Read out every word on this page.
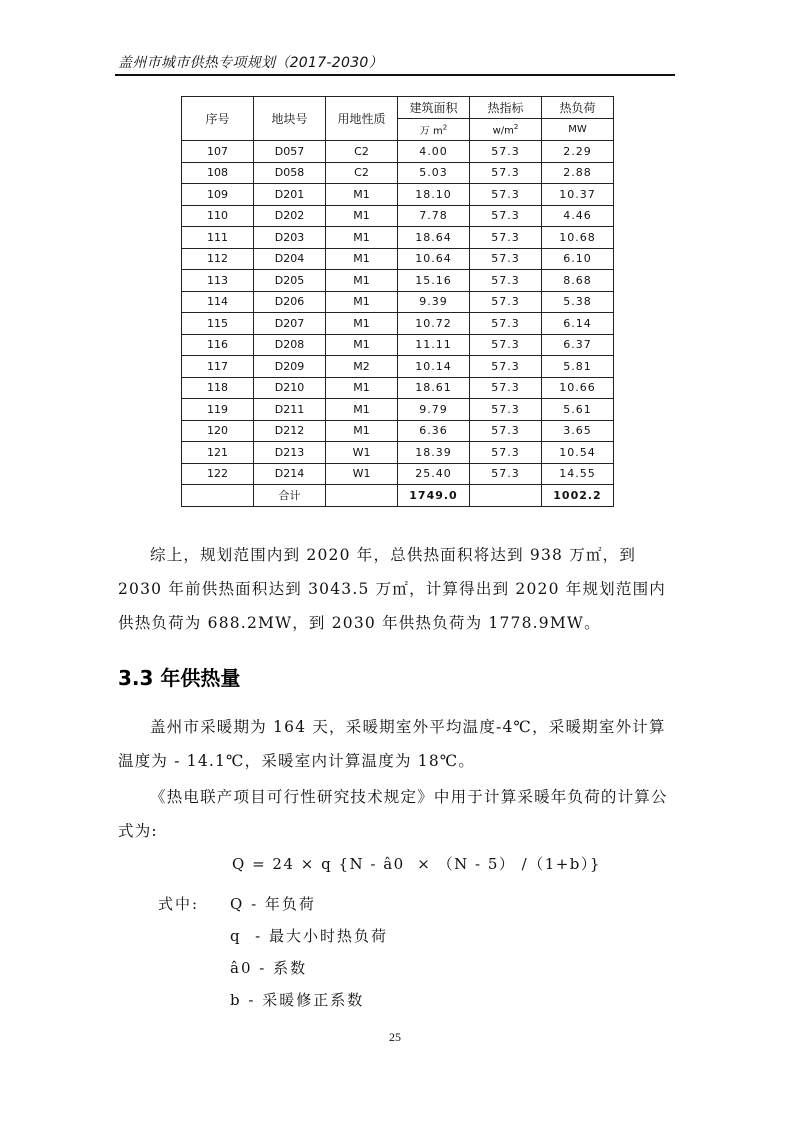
盖州市城市供热专项规划（2017-2030）
序号	地块号	用地性质	建筑面积	热指标	热负荷
			万 $m^2$	$w/m^2$	MW
107	D057	C2	4.00	57.3	2.29
108	D058	C2	5.03	57.3	2.88
109	D201	M1	18.10	57.3	10.37
110	D202	M1	7.78	57.3	4.46
111	D203	M1	18.64	57.3	10.68
112	D204	M1	10.64	57.3	6.10
113	D205	M1	15.16	57.3	8.68
114	D206	M1	9.39	57.3	5.38
115	D207	M1	10.72	57.3	6.14
116	D208	M1	11.11	57.3	6.37
117	D209	M2	10.14	57.3	5.81
118	D210	M1	18.61	57.3	10.66
119	D211	M1	9.79	57.3	5.61
120	D212	M1	6.36	57.3	3.65
121	D213	W1	18.39	57.3	10.54
122	D214	W1	25.40	57.3	14.55
	合计		1749.0		1002.2
综上，规划范围内到 2020 年，总供热面积将达到 938 万㎡，到 2030 年前供热面积达到 3043.5 万㎡，计算得出到 2020 年规划范围内供热负荷为 688.2MW，到 2030 年供热负荷为 1778.9MW。
3.3 年供热量
盖州市采暖期为 164 天，采暖期室外平均温度-4℃，采暖期室外计算温度为 - 14.1℃，采暖室内计算温度为 18℃。
《热电联产项目可行性研究技术规定》中用于计算采暖年负荷的计算公式为:
Q = 24 × q {N - â0  × （N - 5） /（1+b）}
式中: Q - 年负荷
q  - 最大小时热负荷
â0 - 系数
b - 采暖修正系数
25
